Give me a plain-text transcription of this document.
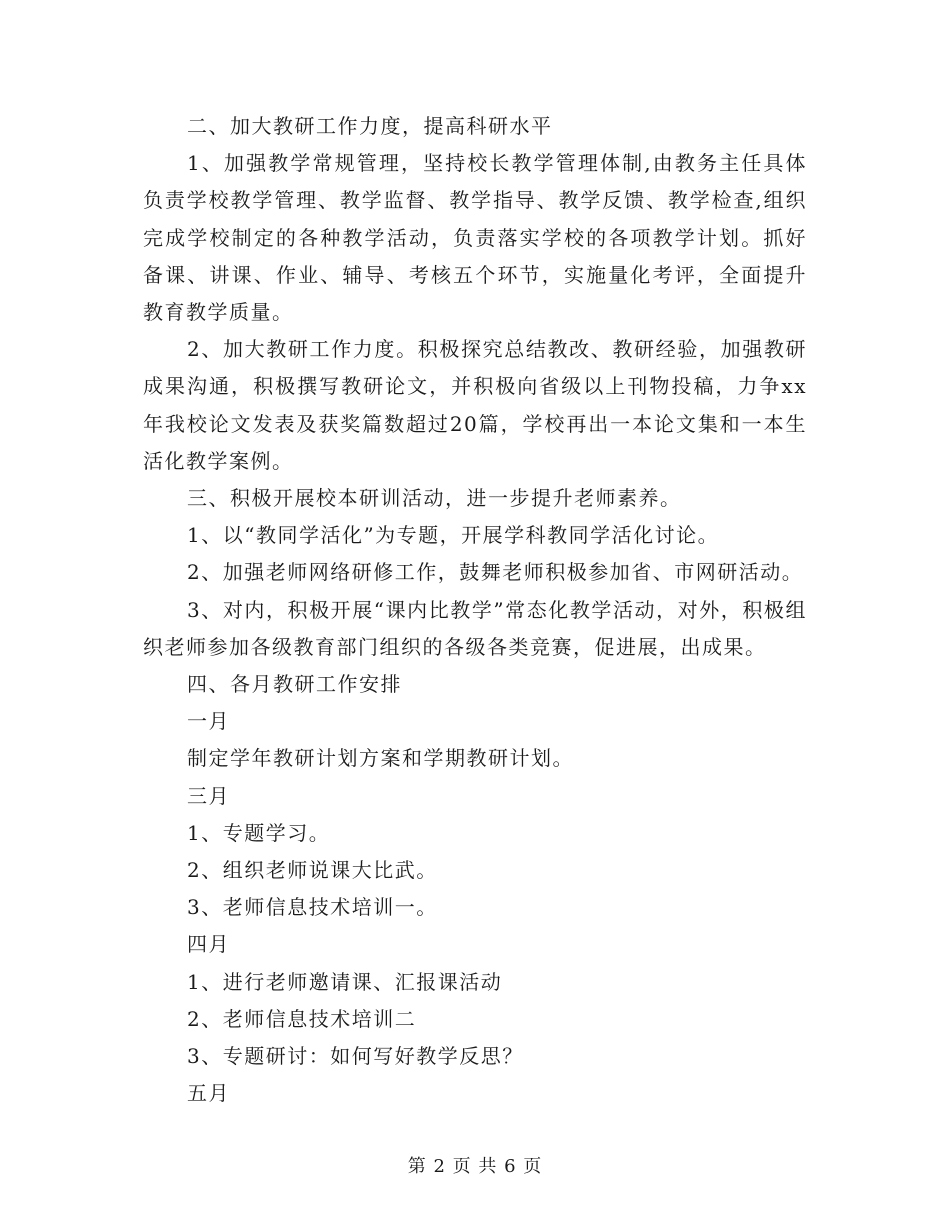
二、加大教研工作力度，提高科研水平

1、加强教学常规管理，坚持校长教学管理体制,由教务主任具体负责学校教学管理、教学监督、教学指导、教学反馈、教学检查,组织完成学校制定的各种教学活动，负责落实学校的各项教学计划。抓好备课、讲课、作业、辅导、考核五个环节，实施量化考评，全面提升教育教学质量。

2、加大教研工作力度。积极探究总结教改、教研经验，加强教研成果沟通，积极撰写教研论文，并积极向省级以上刊物投稿，力争xx年我校论文发表及获奖篇数超过20篇，学校再出一本论文集和一本生活化教学案例。

三、积极开展校本研训活动，进一步提升老师素养。

1、以“教同学活化”为专题，开展学科教同学活化讨论。

2、加强老师网络研修工作，鼓舞老师积极参加省、市网研活动。

3、对内，积极开展“课内比教学”常态化教学活动，对外，积极组织老师参加各级教育部门组织的各级各类竞赛，促进展，出成果。

四、各月教研工作安排

一月

制定学年教研计划方案和学期教研计划。

三月

1、专题学习。

2、组织老师说课大比武。

3、老师信息技术培训一。

四月

1、进行老师邀请课、汇报课活动

2、老师信息技术培训二

3、专题研讨：如何写好教学反思？

五月

第 2 页 共 6 页
